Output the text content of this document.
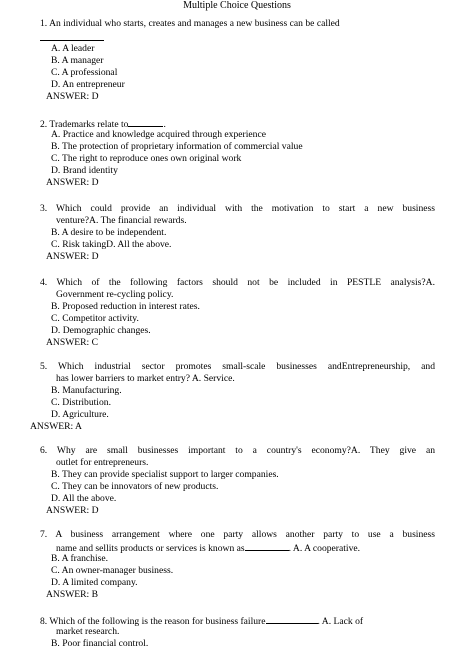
Multiple Choice Questions
1. An individual who starts, creates and manages a new business can be called
A. A leader
B. A manager
C. A professional
D. An entrepreneur
ANSWER: D
2. Trademarks relate to	.
A. Practice and knowledge acquired through experience
B. The protection of proprietary information of commercial value
C. The right to reproduce ones own original work
D. Brand identity
ANSWER: D
3. Which could provide an individual with the motivation to start a new business
venture?A. The financial rewards.
B. A desire to be independent.
C. Risk takingD. All the above.
ANSWER: D
4. Which of the following factors should not be included in PESTLE analysis?A.
Government re-cycling policy.
B. Proposed reduction in interest rates.
C. Competitor activity.
D. Demographic changes.
ANSWER: C
5. Which industrial sector promotes small-scale businesses andEntrepreneurship, and
has lower barriers to market entry? A. Service.
B. Manufacturing.
C. Distribution.
D. Agriculture.
ANSWER: A
6. Why are small businesses important to a country's economy?A. They give an
outlet for entrepreneurs.
B. They can provide specialist support to larger companies.
C. They can be innovators of new products.
D. All the above.
ANSWER: D
7. A business arrangement where one party allows another party to use a business
name and sellits products or services is known as	. A. A cooperative.
B. A franchise.
C. An owner-manager business.
D. A limited company.
ANSWER: B
8. Which of the following is the reason for business failure	. A. Lack of
market research.
B. Poor financial control.
